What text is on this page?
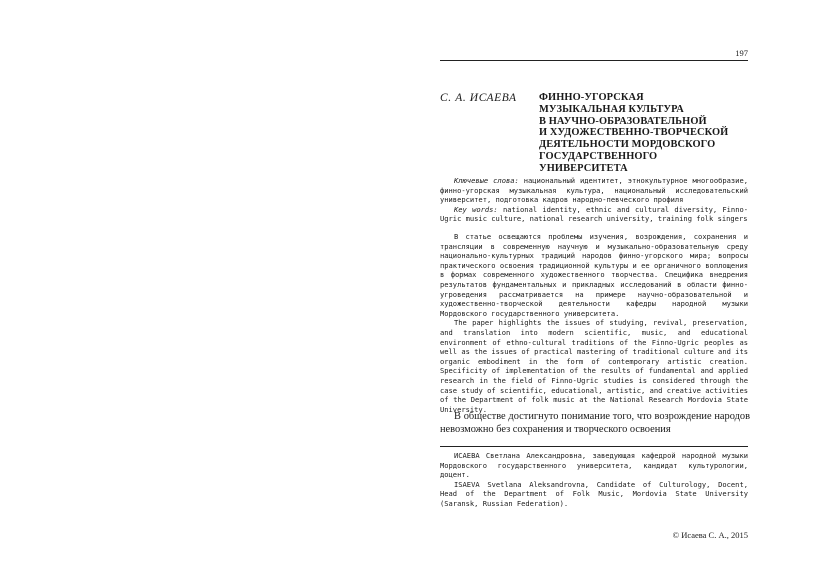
197
С. А. ИСАЕВА ФИННО-УГОРСКАЯ
МУЗЫКАЛЬНАЯ КУЛЬТУРА
В НАУЧНО-ОБРАЗОВАТЕЛЬНОЙ
И ХУДОЖЕСТВЕННО-ТВОРЧЕСКОЙ
ДЕЯТЕЛЬНОСТИ МОРДОВСКОГО
ГОСУДАРСТВЕННОГО
УНИВЕРСИТЕТА

Ключевые слова: национальный идентитет, этнокультурное многообразие, финно-угорская музыкальная культура, национальный исследовательский университет, подготовка кадров народно-певческого профиля

Key words: national identity, ethnic and cultural diversity, Finno-Ugric music culture, national research university, training folk singers

В статье освещаются проблемы изучения, возрождения, сохранения и трансляции в современную научную и музыкально-образовательную среду национально-культурных традиций народов финно-угорского мира; вопросы практического освоения традиционной культуры и ее органичного воплощения в формах современного художественного творчества. Специфика внедрения результатов фундаментальных и прикладных исследований в области финно-угроведения рассматривается на примере научно-образовательной и художественно-творческой деятельности кафедры народной музыки Мордовского государственного университета.

The paper highlights the issues of studying, revival, preservation, and translation into modern scientific, music, and educational environment of ethno-cultural traditions of the Finno-Ugric peoples as well as the issues of practical mastering of traditional culture and its organic embodiment in the form of contemporary artistic creation. Specificity of implementation of the results of fundamental and applied research in the field of Finno-Ugric studies is considered through the case study of scientific, educational, artistic, and creative activities of the Department of folk music at the National Research Mordovia State University.

В обществе достигнуто понимание того, что возрождение народов невозможно без сохранения и творческого освоения

ИСАЕВА Светлана Александровна, заведующая кафедрой народной музыки Мордовского государственного университета, кандидат культурологии, доцент.

ISAEVA Svetlana Aleksandrovna, Candidate of Culturology, Docent, Head of the Department of Folk Music, Mordovia State University (Saransk, Russian Federation).

© Исаева С. А., 2015
